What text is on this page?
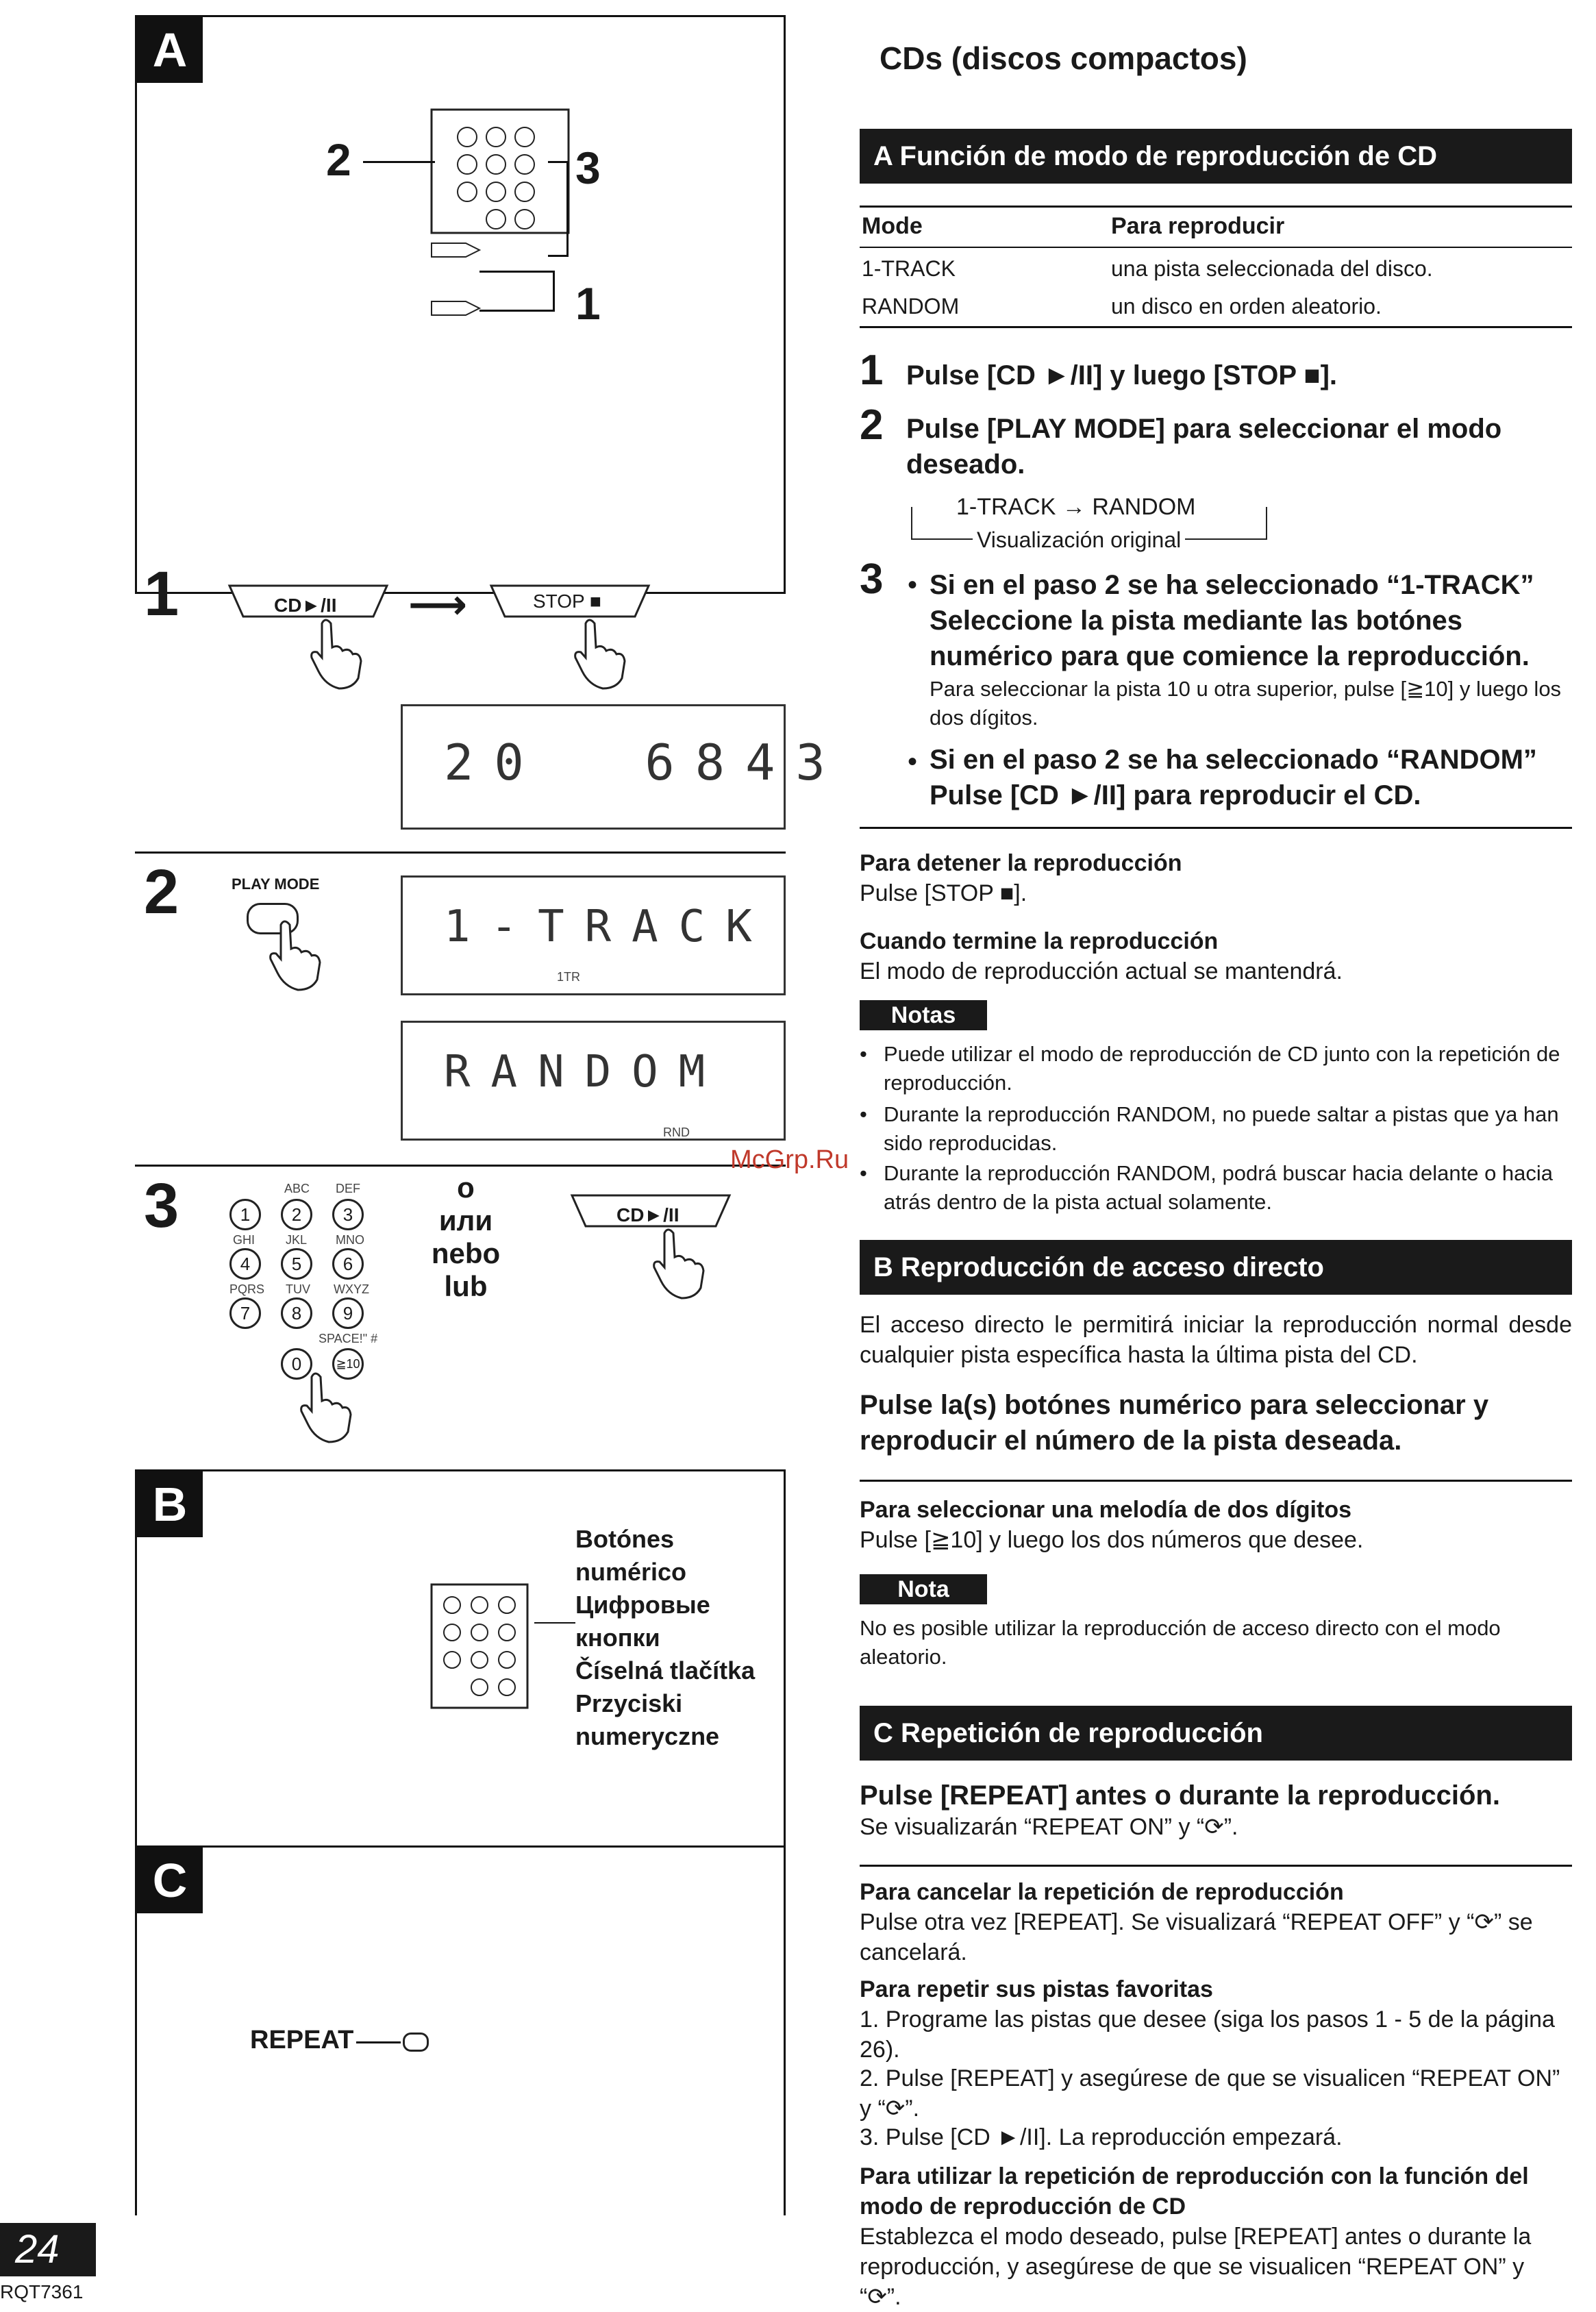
A
2	3
1
1	CD►/II ⟶	STOP ■
20  6843
2	PLAY MODE
1-TRACK
1TR
RANDOM
RND
3	ABC DEF
1	2	3
GHI JKL MNO
4	5	6
PQRS TUV WXYZ
7	8	9
SPACE!" #
0	≧10
o
или
nebo
lub
CD►/II
B
Botónes
numérico
Цифровые
кнопки
Číselná tlačítka
Przyciski
numeryczne
C
REPEAT
24
RQT7361
McGrp.Ru
CDs (discos compactos)
A Función de modo de reproducción de CD
Mode	Para reproducir
1-TRACK	una pista seleccionada del disco.
RANDOM	un disco en orden aleatorio.
1 Pulse [CD ►/II] y luego [STOP ■].
2 Pulse [PLAY MODE] para seleccionar el modo deseado.
1-TRACK → RANDOM
Visualización original
3 • Si en el paso 2 se ha seleccionado “1-TRACK”
Seleccione la pista mediante las botónes numérico para que comience la reproducción.
Para seleccionar la pista 10 u otra superior, pulse [≧10] y luego los dos dígitos.
• Si en el paso 2 se ha seleccionado “RANDOM”
Pulse [CD ►/II] para reproducir el CD.
Para detener la reproducción
Pulse [STOP ■].
Cuando termine la reproducción
El modo de reproducción actual se mantendrá.
Notas
• Puede utilizar el modo de reproducción de CD junto con la repetición de reproducción.
• Durante la reproducción RANDOM, no puede saltar a pistas que ya han sido reproducidas.
• Durante la reproducción RANDOM, podrá buscar hacia delante o hacia atrás dentro de la pista actual solamente.
B Reproducción de acceso directo
El acceso directo le permitirá iniciar la reproducción normal desde cualquier pista específica hasta la última pista del CD.
Pulse la(s) botónes numérico para seleccionar y reproducir el número de la pista deseada.
Para seleccionar una melodía de dos dígitos
Pulse [≧10] y luego los dos números que desee.
Nota
No es posible utilizar la reproducción de acceso directo con el modo aleatorio.
C Repetición de reproducción
Pulse [REPEAT] antes o durante la reproducción.
Se visualizarán “REPEAT ON” y “⟳”.
Para cancelar la repetición de reproducción
Pulse otra vez [REPEAT]. Se visualizará “REPEAT OFF” y “⟳” se cancelará.
Para repetir sus pistas favoritas
1. Programe las pistas que desee (siga los pasos 1 - 5 de la página 26).
2. Pulse [REPEAT] y asegúrese de que se visualicen “REPEAT ON” y “⟳”.
3. Pulse [CD ►/II]. La reproducción empezará.
Para utilizar la repetición de reproducción con la función del modo de reproducción de CD
Establezca el modo deseado, pulse [REPEAT] antes o durante la reproducción, y asegúrese de que se visualicen “REPEAT ON” y “⟳”.
